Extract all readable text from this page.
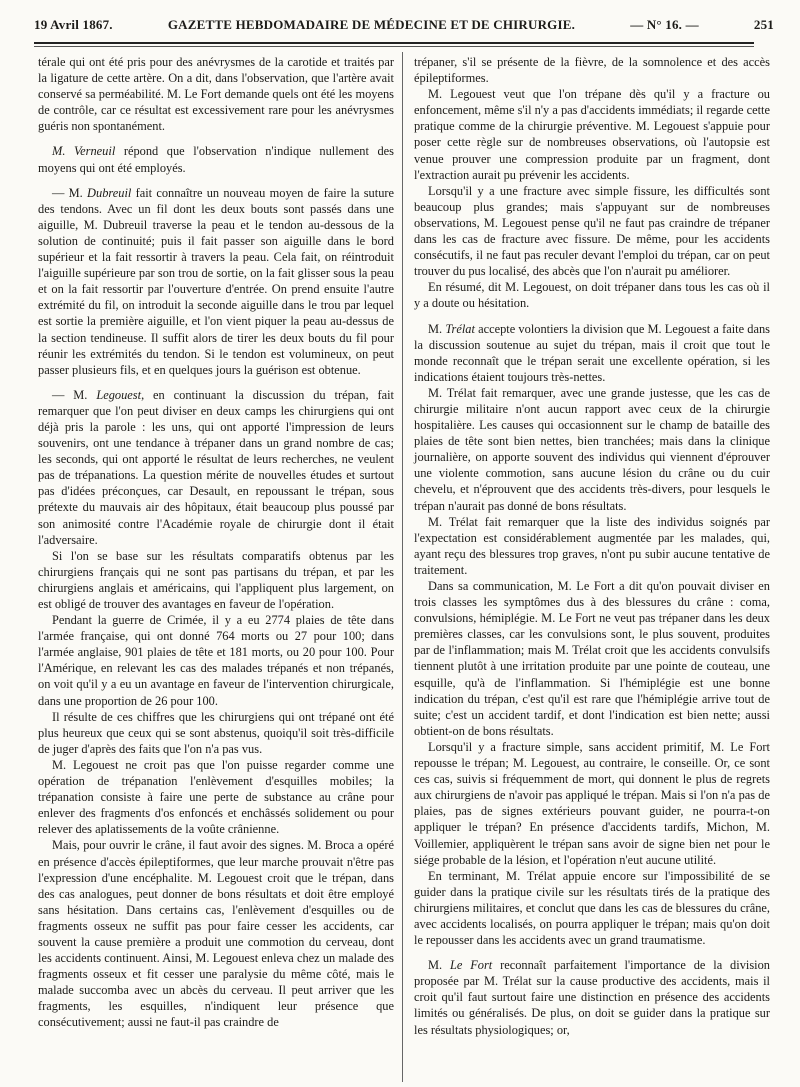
19 Avril 1867.	GAZETTE HEBDOMADAIRE DE MÉDECINE ET DE CHIRURGIE.	— N° 16. —	251

térale qui ont été pris pour des anévrysmes de la carotide et traités par la ligature de cette artère. On a dit, dans l'observation, que l'artère avait conservé sa perméabilité. M. Le Fort demande quels ont été les moyens de contrôle, car ce résultat est excessivement rare pour les anévrysmes guéris non spontanément.

M. Verneuil répond que l'observation n'indique nullement des moyens qui ont été employés.

— M. Dubreuil fait connaître un nouveau moyen de faire la suture des tendons. Avec un fil dont les deux bouts sont passés dans une aiguille, M. Dubreuil traverse la peau et le tendon au-dessous de la solution de continuité; puis il fait passer son aiguille dans le bord supérieur et la fait ressortir à travers la peau. Cela fait, on réintroduit l'aiguille supérieure par son trou de sortie, on la fait glisser sous la peau et on la fait ressortir par l'ouverture d'entrée. On prend ensuite l'autre extrémité du fil, on introduit la seconde aiguille dans le trou par lequel est sortie la première aiguille, et l'on vient piquer la peau au-dessus de la section tendineuse. Il suffit alors de tirer les deux bouts du fil pour réunir les extrémités du tendon. Si le tendon est volumineux, on peut passer plusieurs fils, et en quelques jours la guérison est obtenue.

— M. Legouest, en continuant la discussion du trépan, fait remarquer que l'on peut diviser en deux camps les chirurgiens qui ont déjà pris la parole : les uns, qui ont apporté l'impression de leurs souvenirs, ont une tendance à trépaner dans un grand nombre de cas; les seconds, qui ont apporté le résultat de leurs recherches, ne veulent pas de trépanations. La question mérite de nouvelles études et surtout pas d'idées préconçues, car Desault, en repoussant le trépan, sous prétexte du mauvais air des hôpitaux, était beaucoup plus poussé par son animosité contre l'Académie royale de chirurgie dont il était l'adversaire.

Si l'on se base sur les résultats comparatifs obtenus par les chirurgiens français qui ne sont pas partisans du trépan, et par les chirurgiens anglais et américains, qui l'appliquent plus largement, on est obligé de trouver des avantages en faveur de l'opération.

Pendant la guerre de Crimée, il y a eu 2774 plaies de tête dans l'armée française, qui ont donné 764 morts ou 27 pour 100; dans l'armée anglaise, 901 plaies de tête et 181 morts, ou 20 pour 100. Pour l'Amérique, en relevant les cas des malades trépanés et non trépanés, on voit qu'il y a eu un avantage en faveur de l'intervention chirurgicale, dans une proportion de 26 pour 100.

Il résulte de ces chiffres que les chirurgiens qui ont trépané ont été plus heureux que ceux qui se sont abstenus, quoiqu'il soit très-difficile de juger d'après des faits que l'on n'a pas vus.

M. Legouest ne croit pas que l'on puisse regarder comme une opération de trépanation l'enlèvement d'esquilles mobiles; la trépanation consiste à faire une perte de substance au crâne pour enlever des fragments d'os enfoncés et enchâssés solidement ou pour relever des aplatissements de la voûte crânienne.

Mais, pour ouvrir le crâne, il faut avoir des signes. M. Broca a opéré en présence d'accès épileptiformes, que leur marche prouvait n'être pas l'expression d'une encéphalite. M. Legouest croit que le trépan, dans des cas analogues, peut donner de bons résultats et doit être employé sans hésitation. Dans certains cas, l'enlèvement d'esquilles ou de fragments osseux ne suffit pas pour faire cesser les accidents, car souvent la cause première a produit une commotion du cerveau, dont les accidents continuent. Ainsi, M. Legouest enleva chez un malade des fragments osseux et fit cesser une paralysie du même côté, mais le malade succomba avec un abcès du cerveau. Il peut arriver que les fragments, les esquilles, n'indiquent leur présence que consécutivement; aussi ne faut-il pas craindre de

trépaner, s'il se présente de la fièvre, de la somnolence et des accès épileptiformes.

M. Legouest veut que l'on trépane dès qu'il y a fracture ou enfoncement, même s'il n'y a pas d'accidents immédiats; il regarde cette pratique comme de la chirurgie préventive. M. Legouest s'appuie pour poser cette règle sur de nombreuses observations, où l'autopsie est venue prouver une compression produite par un fragment, dont l'extraction aurait pu prévenir les accidents.

Lorsqu'il y a une fracture avec simple fissure, les difficultés sont beaucoup plus grandes; mais s'appuyant sur de nombreuses observations, M. Legouest pense qu'il ne faut pas craindre de trépaner dans les cas de fracture avec fissure. De même, pour les accidents consécutifs, il ne faut pas reculer devant l'emploi du trépan, car on peut trouver du pus localisé, des abcès que l'on n'aurait pu améliorer.

En résumé, dit M. Legouest, on doit trépaner dans tous les cas où il y a doute ou hésitation.

M. Trélat accepte volontiers la division que M. Legouest a faite dans la discussion soutenue au sujet du trépan, mais il croit que tout le monde reconnaît que le trépan serait une excellente opération, si les indications étaient toujours très-nettes.

M. Trélat fait remarquer, avec une grande justesse, que les cas de chirurgie militaire n'ont aucun rapport avec ceux de la chirurgie hospitalière. Les causes qui occasionnent sur le champ de bataille des plaies de tête sont bien nettes, bien tranchées; mais dans la clinique journalière, on apporte souvent des individus qui viennent d'éprouver une violente commotion, sans aucune lésion du crâne ou du cuir chevelu, et n'éprouvent que des accidents très-divers, pour lesquels le trépan n'aurait pas donné de bons résultats.

M. Trélat fait remarquer que la liste des individus soignés par l'expectation est considérablement augmentée par les malades, qui, ayant reçu des blessures trop graves, n'ont pu subir aucune tentative de traitement.

Dans sa communication, M. Le Fort a dit qu'on pouvait diviser en trois classes les symptômes dus à des blessures du crâne : coma, convulsions, hémiplégie. M. Le Fort ne veut pas trépaner dans les deux premières classes, car les convulsions sont, le plus souvent, produites par de l'inflammation; mais M. Trélat croit que les accidents convulsifs tiennent plutôt à une irritation produite par une pointe de couteau, une esquille, qu'à de l'inflammation. Si l'hémiplégie est une bonne indication du trépan, c'est qu'il est rare que l'hémiplégie arrive tout de suite; c'est un accident tardif, et dont l'indication est bien nette; aussi obtient-on de bons résultats.

Lorsqu'il y a fracture simple, sans accident primitif, M. Le Fort repousse le trépan; M. Legouest, au contraire, le conseille. Or, ce sont ces cas, suivis si fréquemment de mort, qui donnent le plus de regrets aux chirurgiens de n'avoir pas appliqué le trépan. Mais si l'on n'a pas de plaies, pas de signes extérieurs pouvant guider, ne pourra-t-on appliquer le trépan? En présence d'accidents tardifs, Michon, M. Voillemier, appliquèrent le trépan sans avoir de signe bien net pour le siége probable de la lésion, et l'opération n'eut aucune utilité.

En terminant, M. Trélat appuie encore sur l'impossibilité de se guider dans la pratique civile sur les résultats tirés de la pratique des chirurgiens militaires, et conclut que dans les cas de blessures du crâne, avec accidents localisés, on pourra appliquer le trépan; mais qu'on doit le repousser dans les accidents avec un grand traumatisme.

M. Le Fort reconnaît parfaitement l'importance de la division proposée par M. Trélat sur la cause productive des accidents, mais il croit qu'il faut surtout faire une distinction en présence des accidents limités ou généralisés. De plus, on doit se guider dans la pratique sur les résultats physiologiques; or,
